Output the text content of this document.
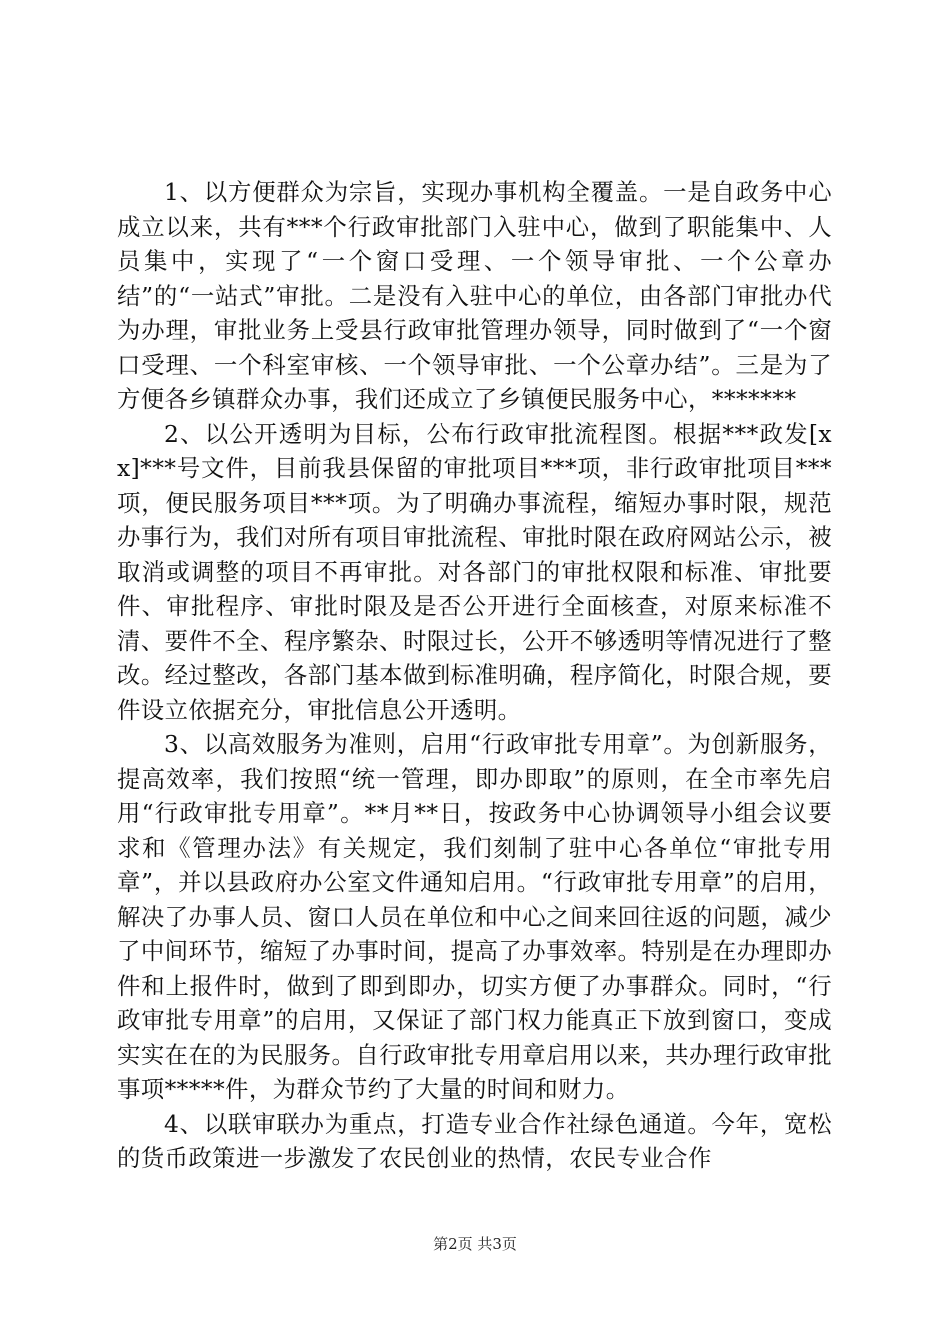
1、以方便群众为宗旨，实现办事机构全覆盖。一是自政务中心成立以来，共有***个行政审批部门入驻中心，做到了职能集中、人员集中，实现了“一个窗口受理、一个领导审批、一个公章办结”的“一站式”审批。二是没有入驻中心的单位，由各部门审批办代为办理，审批业务上受县行政审批管理办领导，同时做到了“一个窗口受理、一个科室审核、一个领导审批、一个公章办结”。三是为了方便各乡镇群众办事，我们还成立了乡镇便民服务中心，*******

2、以公开透明为目标，公布行政审批流程图。根据***政发[xx]***号文件，目前我县保留的审批项目***项，非行政审批项目***项，便民服务项目***项。为了明确办事流程，缩短办事时限，规范办事行为，我们对所有项目审批流程、审批时限在政府网站公示，被取消或调整的项目不再审批。对各部门的审批权限和标准、审批要件、审批程序、审批时限及是否公开进行全面核查，对原来标准不清、要件不全、程序繁杂、时限过长，公开不够透明等情况进行了整改。经过整改，各部门基本做到标准明确，程序简化，时限合规，要件设立依据充分，审批信息公开透明。

3、以高效服务为准则，启用“行政审批专用章”。为创新服务，提高效率，我们按照“统一管理，即办即取”的原则，在全市率先启用“行政审批专用章”。**月**日，按政务中心协调领导小组会议要求和《管理办法》有关规定，我们刻制了驻中心各单位“审批专用章”，并以县政府办公室文件通知启用。“行政审批专用章”的启用，解决了办事人员、窗口人员在单位和中心之间来回往返的问题，减少了中间环节，缩短了办事时间，提高了办事效率。特别是在办理即办件和上报件时，做到了即到即办，切实方便了办事群众。同时，“行政审批专用章”的启用，又保证了部门权力能真正下放到窗口，变成实实在在的为民服务。自行政审批专用章启用以来，共办理行政审批事项*****件，为群众节约了大量的时间和财力。

4、以联审联办为重点，打造专业合作社绿色通道。今年，宽松的货币政策进一步激发了农民创业的热情，农民专业合作

第2页 共3页
